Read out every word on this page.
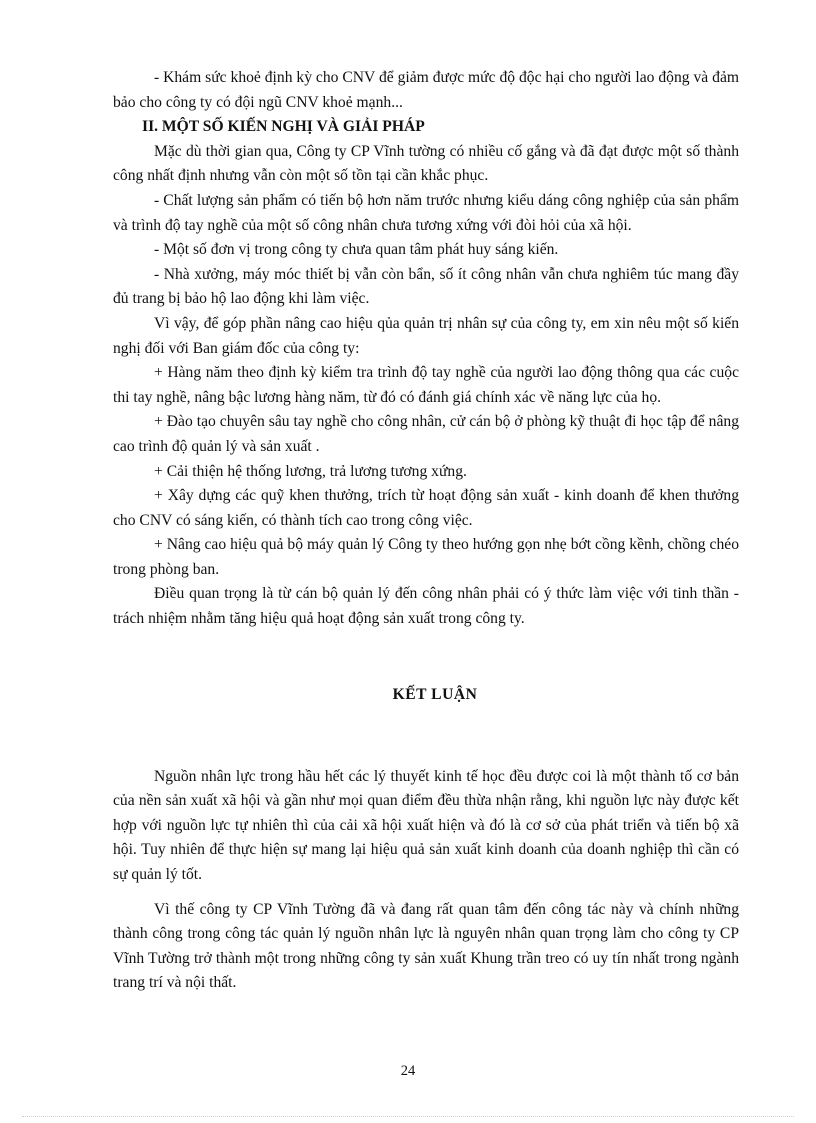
- Khám sức khoẻ định kỳ cho CNV để giảm được mức độ độc hại cho người lao động và đảm bảo cho công ty có đội ngũ CNV khoẻ mạnh...

II. MỘT SỐ KIẾN NGHỊ VÀ GIẢI PHÁP

Mặc dù thời gian qua, Công ty CP Vĩnh tường có nhiều cố gắng và đã đạt được một số thành công nhất định nhưng vẫn còn một số tồn tại cần khắc phục.

- Chất lượng sản phẩm có tiến bộ hơn năm trước nhưng kiểu dáng công nghiệp của sản phẩm và trình độ tay nghề của một số công nhân chưa tương xứng với đòi hỏi của xã hội.

- Một số đơn vị trong công ty chưa quan tâm phát huy sáng kiến.

- Nhà xưởng, máy móc thiết bị vẫn còn bẩn, số ít công nhân vẫn chưa nghiêm túc mang đầy đủ trang bị bảo hộ lao động khi làm việc.

Vì vậy, để góp phần nâng cao hiệu qủa quản trị nhân sự của công ty, em xin nêu một số kiến nghị đối với Ban giám đốc của công ty:

+ Hàng năm theo định kỳ kiểm tra trình độ tay nghề của người lao động thông qua các cuộc thi tay nghề, nâng bậc lương hàng năm, từ đó có đánh giá chính xác về năng lực của họ.

+ Đào tạo chuyên sâu tay nghề cho công nhân, cử cán bộ ở phòng kỹ thuật đi học tập để nâng cao trình độ quản lý và sản xuất .

+ Cải thiện hệ thống lương, trả lương tương xứng.

+ Xây dựng các quỹ khen thưởng, trích từ hoạt động sản xuất - kinh doanh để khen thưởng cho CNV có sáng kiến, có thành tích cao trong công việc.

+ Nâng cao hiệu quả bộ máy quản lý Công ty theo hướng gọn nhẹ bớt cồng kềnh, chồng chéo trong phòng ban.

Điều quan trọng là từ cán bộ quản lý đến công nhân phải có ý thức làm việc với tinh thần - trách nhiệm nhằm tăng hiệu quả hoạt động sản xuất trong công ty.

KẾT LUẬN

Nguồn nhân lực trong hầu hết các lý thuyết kinh tế học đều được coi là một thành tố cơ bản của nền sản xuất xã hội và gần như mọi quan điểm đều thừa nhận rằng, khi nguồn lực này được kết hợp với nguồn lực tự nhiên thì của cải xã hội xuất hiện và đó là cơ sở của phát triển và tiến bộ xã hội. Tuy nhiên để thực hiện sự mang lại hiệu quả sản xuất kinh doanh của doanh nghiệp thì cần có sự quản lý tốt.

Vì thế công ty CP Vĩnh Tường đã và đang rất quan tâm đến công tác này và chính những thành công trong công tác quản lý nguồn nhân lực là nguyên nhân quan trọng làm cho công ty CP Vĩnh Tường trở thành một trong những công ty sản xuất Khung trần treo có uy tín nhất trong ngành trang trí và nội thất.

24
